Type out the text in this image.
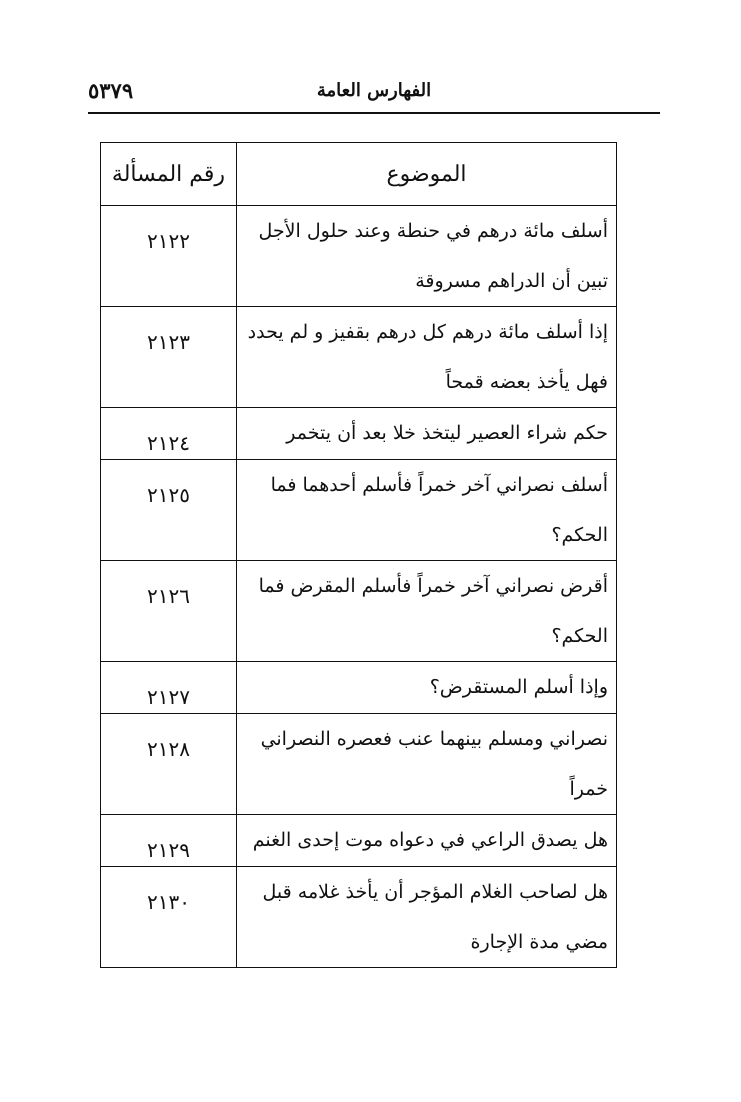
٥٣٧٩	الفهارس العامة
الموضوع	رقم المسألة
أسلف مائة درهم في حنطة وعند حلول الأجل تبين أن الدراهم مسروقة	٢١٢٢
إذا أسلف مائة درهم كل درهم بقفيز و لم يحدد فهل يأخذ بعضه قمحاً	٢١٢٣
حكم شراء العصير ليتخذ خلا بعد أن يتخمر	٢١٢٤
أسلف نصراني آخر خمراً فأسلم أحدهما فما الحكم؟	٢١٢٥
أقرض نصراني آخر خمراً فأسلم المقرض فما الحكم؟	٢١٢٦
وإذا أسلم المستقرض؟	٢١٢٧
نصراني ومسلم بينهما عنب فعصره النصراني خمراً	٢١٢٨
هل يصدق الراعي في دعواه موت إحدى الغنم	٢١٢٩
هل لصاحب الغلام المؤجر أن يأخذ غلامه قبل مضي مدة الإجارة	٢١٣٠
